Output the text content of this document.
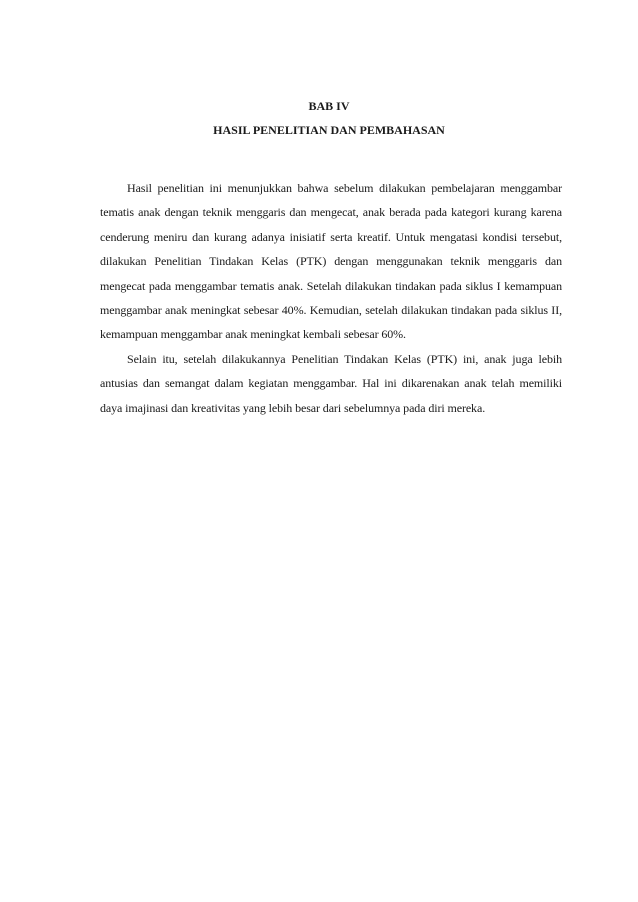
BAB IV
HASIL PENELITIAN DAN PEMBAHASAN

Hasil penelitian ini menunjukkan bahwa sebelum dilakukan pembelajaran menggambar tematis anak dengan teknik menggaris dan mengecat, anak berada pada kategori kurang karena cenderung meniru dan kurang adanya inisiatif serta kreatif. Untuk mengatasi kondisi tersebut, dilakukan Penelitian Tindakan Kelas (PTK) dengan menggunakan teknik menggaris dan mengecat pada menggambar tematis anak. Setelah dilakukan tindakan pada siklus I kemampuan menggambar anak meningkat sebesar 40%. Kemudian, setelah dilakukan tindakan pada siklus II, kemampuan menggambar anak meningkat kembali sebesar 60%.

Selain itu, setelah dilakukannya Penelitian Tindakan Kelas (PTK) ini, anak juga lebih antusias dan semangat dalam kegiatan menggambar. Hal ini dikarenakan anak telah memiliki daya imajinasi dan kreativitas yang lebih besar dari sebelumnya pada diri mereka.
